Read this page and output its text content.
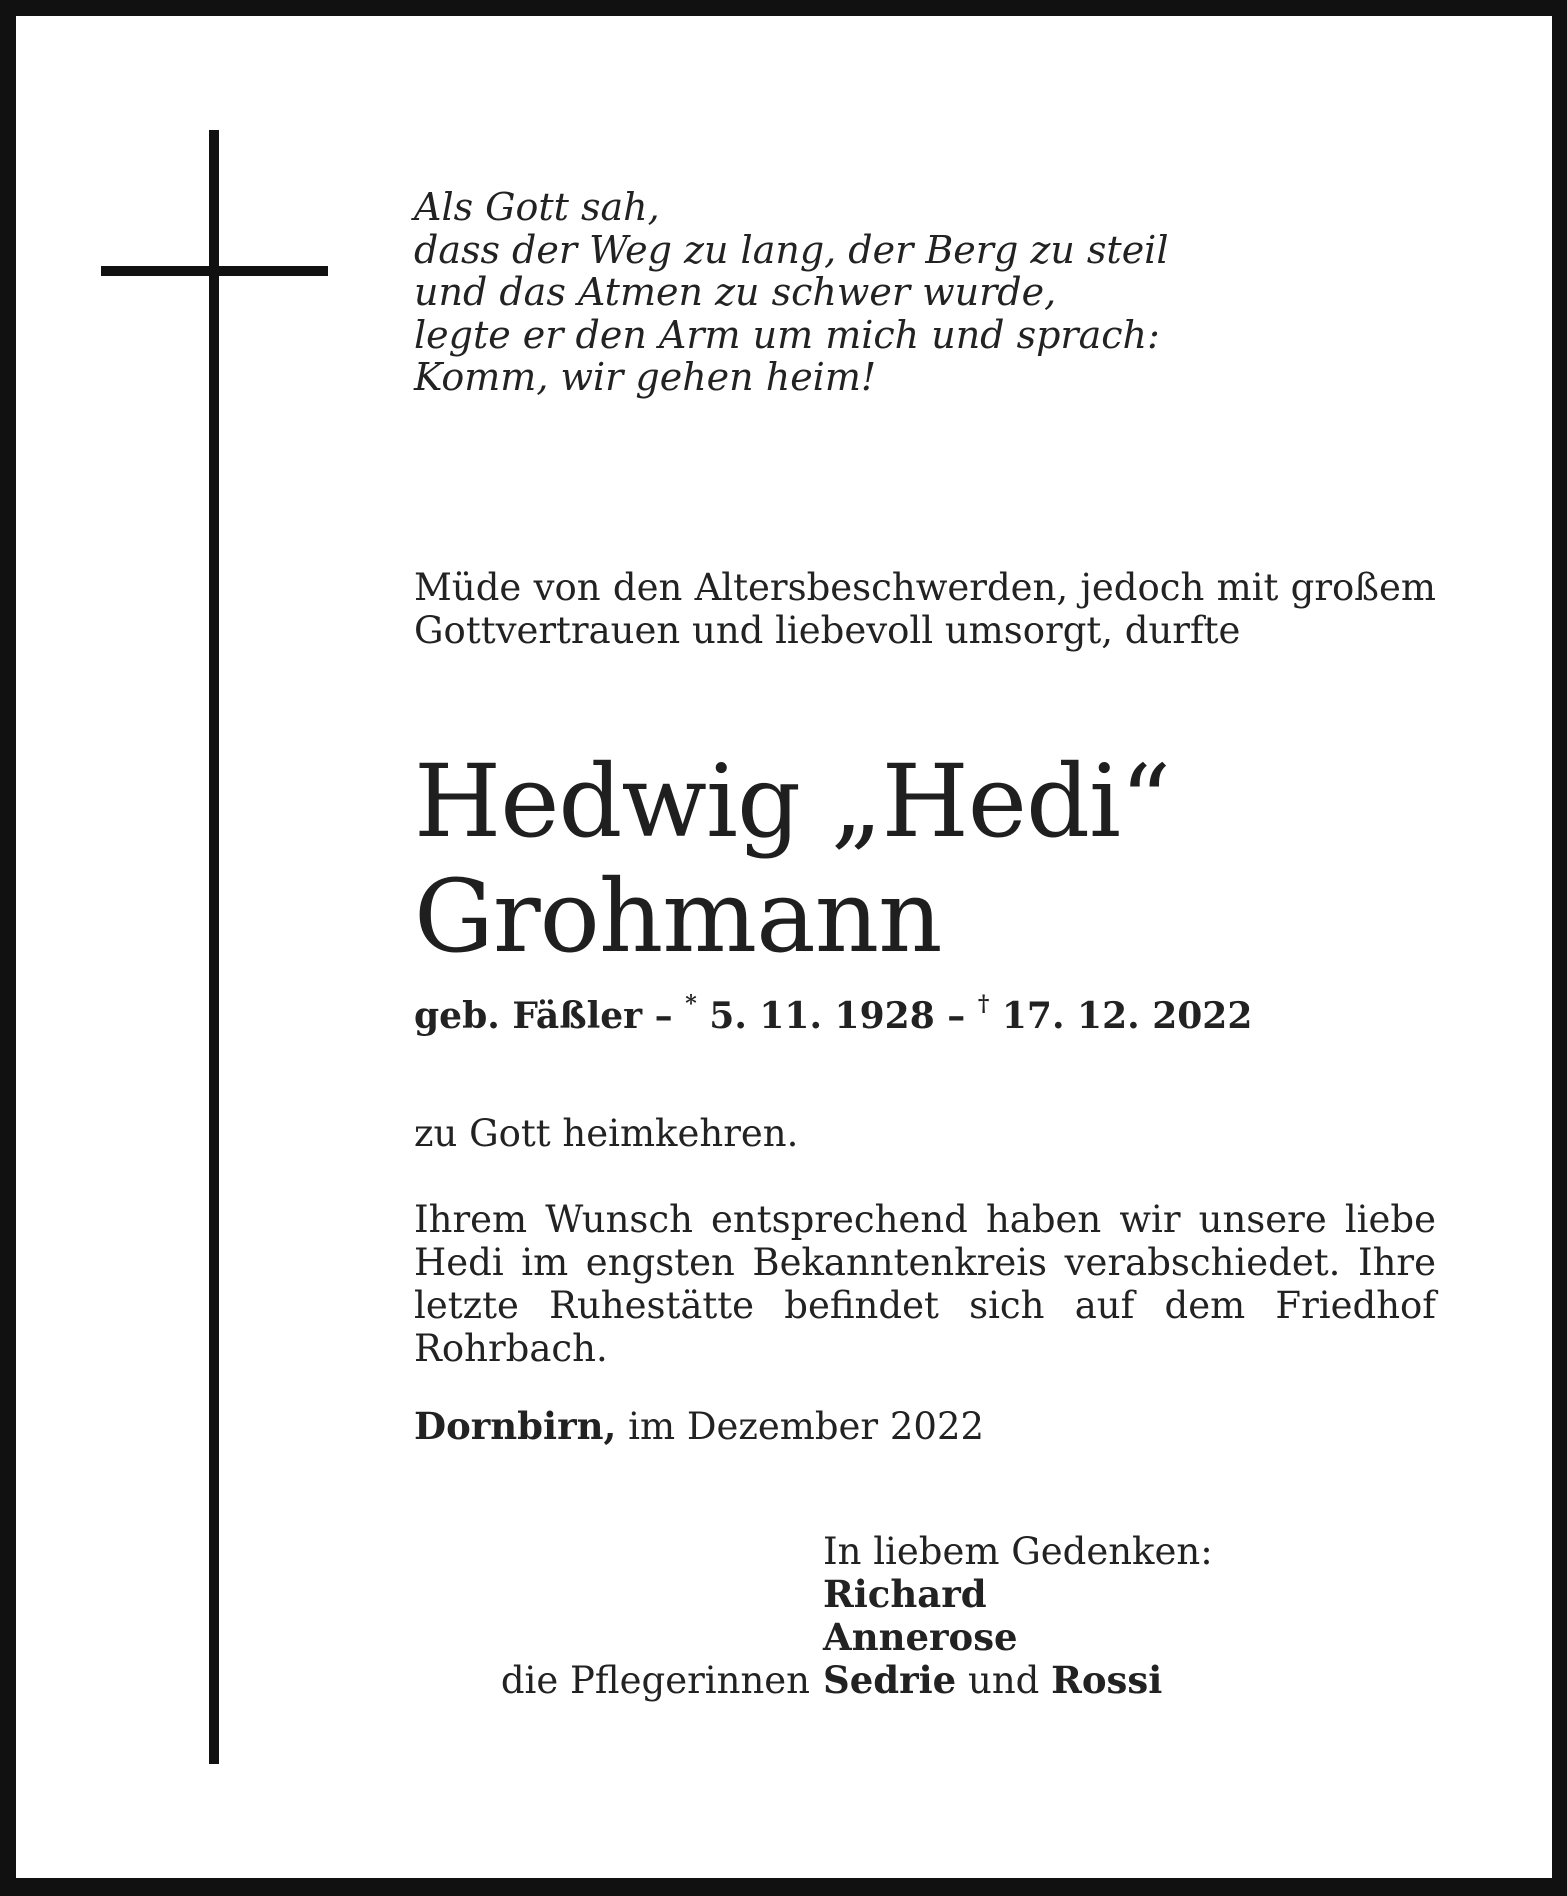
Als Gott sah,
dass der Weg zu lang, der Berg zu steil
und das Atmen zu schwer wurde,
legte er den Arm um mich und sprach:
Komm, wir gehen heim!
Müde von den Altersbeschwerden, jedoch mit großem Gottvertrauen und liebevoll umsorgt, durfte
Hedwig „Hedi“
Grohmann
geb. Fäßler – * 5. 11. 1928 – † 17. 12. 2022
zu Gott heimkehren.
Ihrem Wunsch entsprechend haben wir unsere liebe Hedi im engsten Bekanntenkreis verabschiedet. Ihre letzte Ruhestätte befindet sich auf dem Friedhof Rohrbach.
Dornbirn, im Dezember 2022
In liebem Gedenken:
Richard
Annerose
die Pflegerinnen Sedrie und Rossi
